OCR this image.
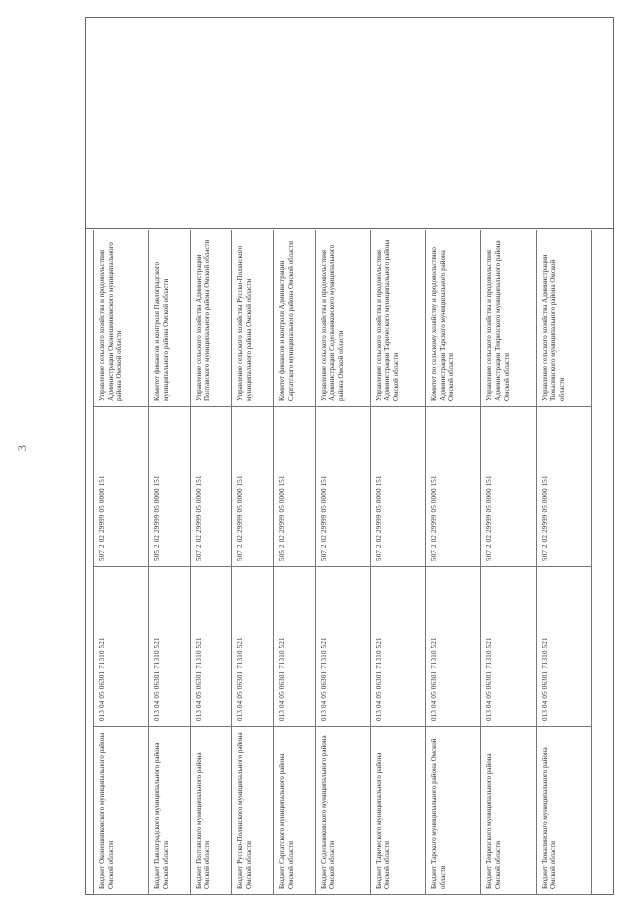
3
Бюджет Оконешниковского муниципального района Омской области	013 04 05 06301 71310 521	507 2 02 29999 05 0000 151	Управление сельского хозяйства и продовольствия Администрации Оконешниковского муниципального района Омской области
Бюджет Павлоградского муниципального района Омской области	013 04 05 06301 71310 521	505 2 02 29999 05 0000 151	Комитет финансов и контроля Павлоградского муниципального района Омской области
Бюджет Полтавского муниципального района Омской области	013 04 05 06301 71310 521	507 2 02 29999 05 0000 151	Управление сельского хозяйства Администрации Полтавского муниципального района Омской области
Бюджет Русско-Полянского муниципального района Омской области	013 04 05 06301 71310 521	507 2 02 29999 05 0000 151	Управление сельского хозяйства Русско-Полянского муниципального района Омской области
Бюджет Саргатского муниципального района Омской области	013 04 05 06301 71310 521	505 2 02 29999 05 0000 151	Комитет финансов и контроля Администрации Саргатского муниципального района Омской области
Бюджет Седельниковского муниципального района Омской области	013 04 05 06301 71310 521	507 2 02 29999 05 0000 151	Управление сельского хозяйства и продовольствия Администрации Седельниковского муниципального района Омской области
Бюджет Тарического муниципального района Омской области	013 04 05 06301 71310 521	507 2 02 29999 05 0000 151	Управление сельского хозяйства и продовольствия Администрации Тарического муниципального района Омской области
Бюджет Тарского муниципального района Омской области	013 04 05 06301 71310 521	507 2 02 29999 05 0000 151	Комитет по сельскому хозяйству и продовольствию Администрации Тарского муниципального района Омской области
Бюджет Тевризского муниципального района Омской области	013 04 05 06301 71310 521	507 2 02 29999 05 0000 151	Управление сельского хозяйства и продовольствия Администрации Тевризского муниципального района Омской области
Бюджет Тюкалинского муниципального района Омской области	013 04 05 06301 71310 521	507 2 02 29999 05 0000 151	Управление сельского хозяйства Администрации Тюкалинского муниципального района Омской области
